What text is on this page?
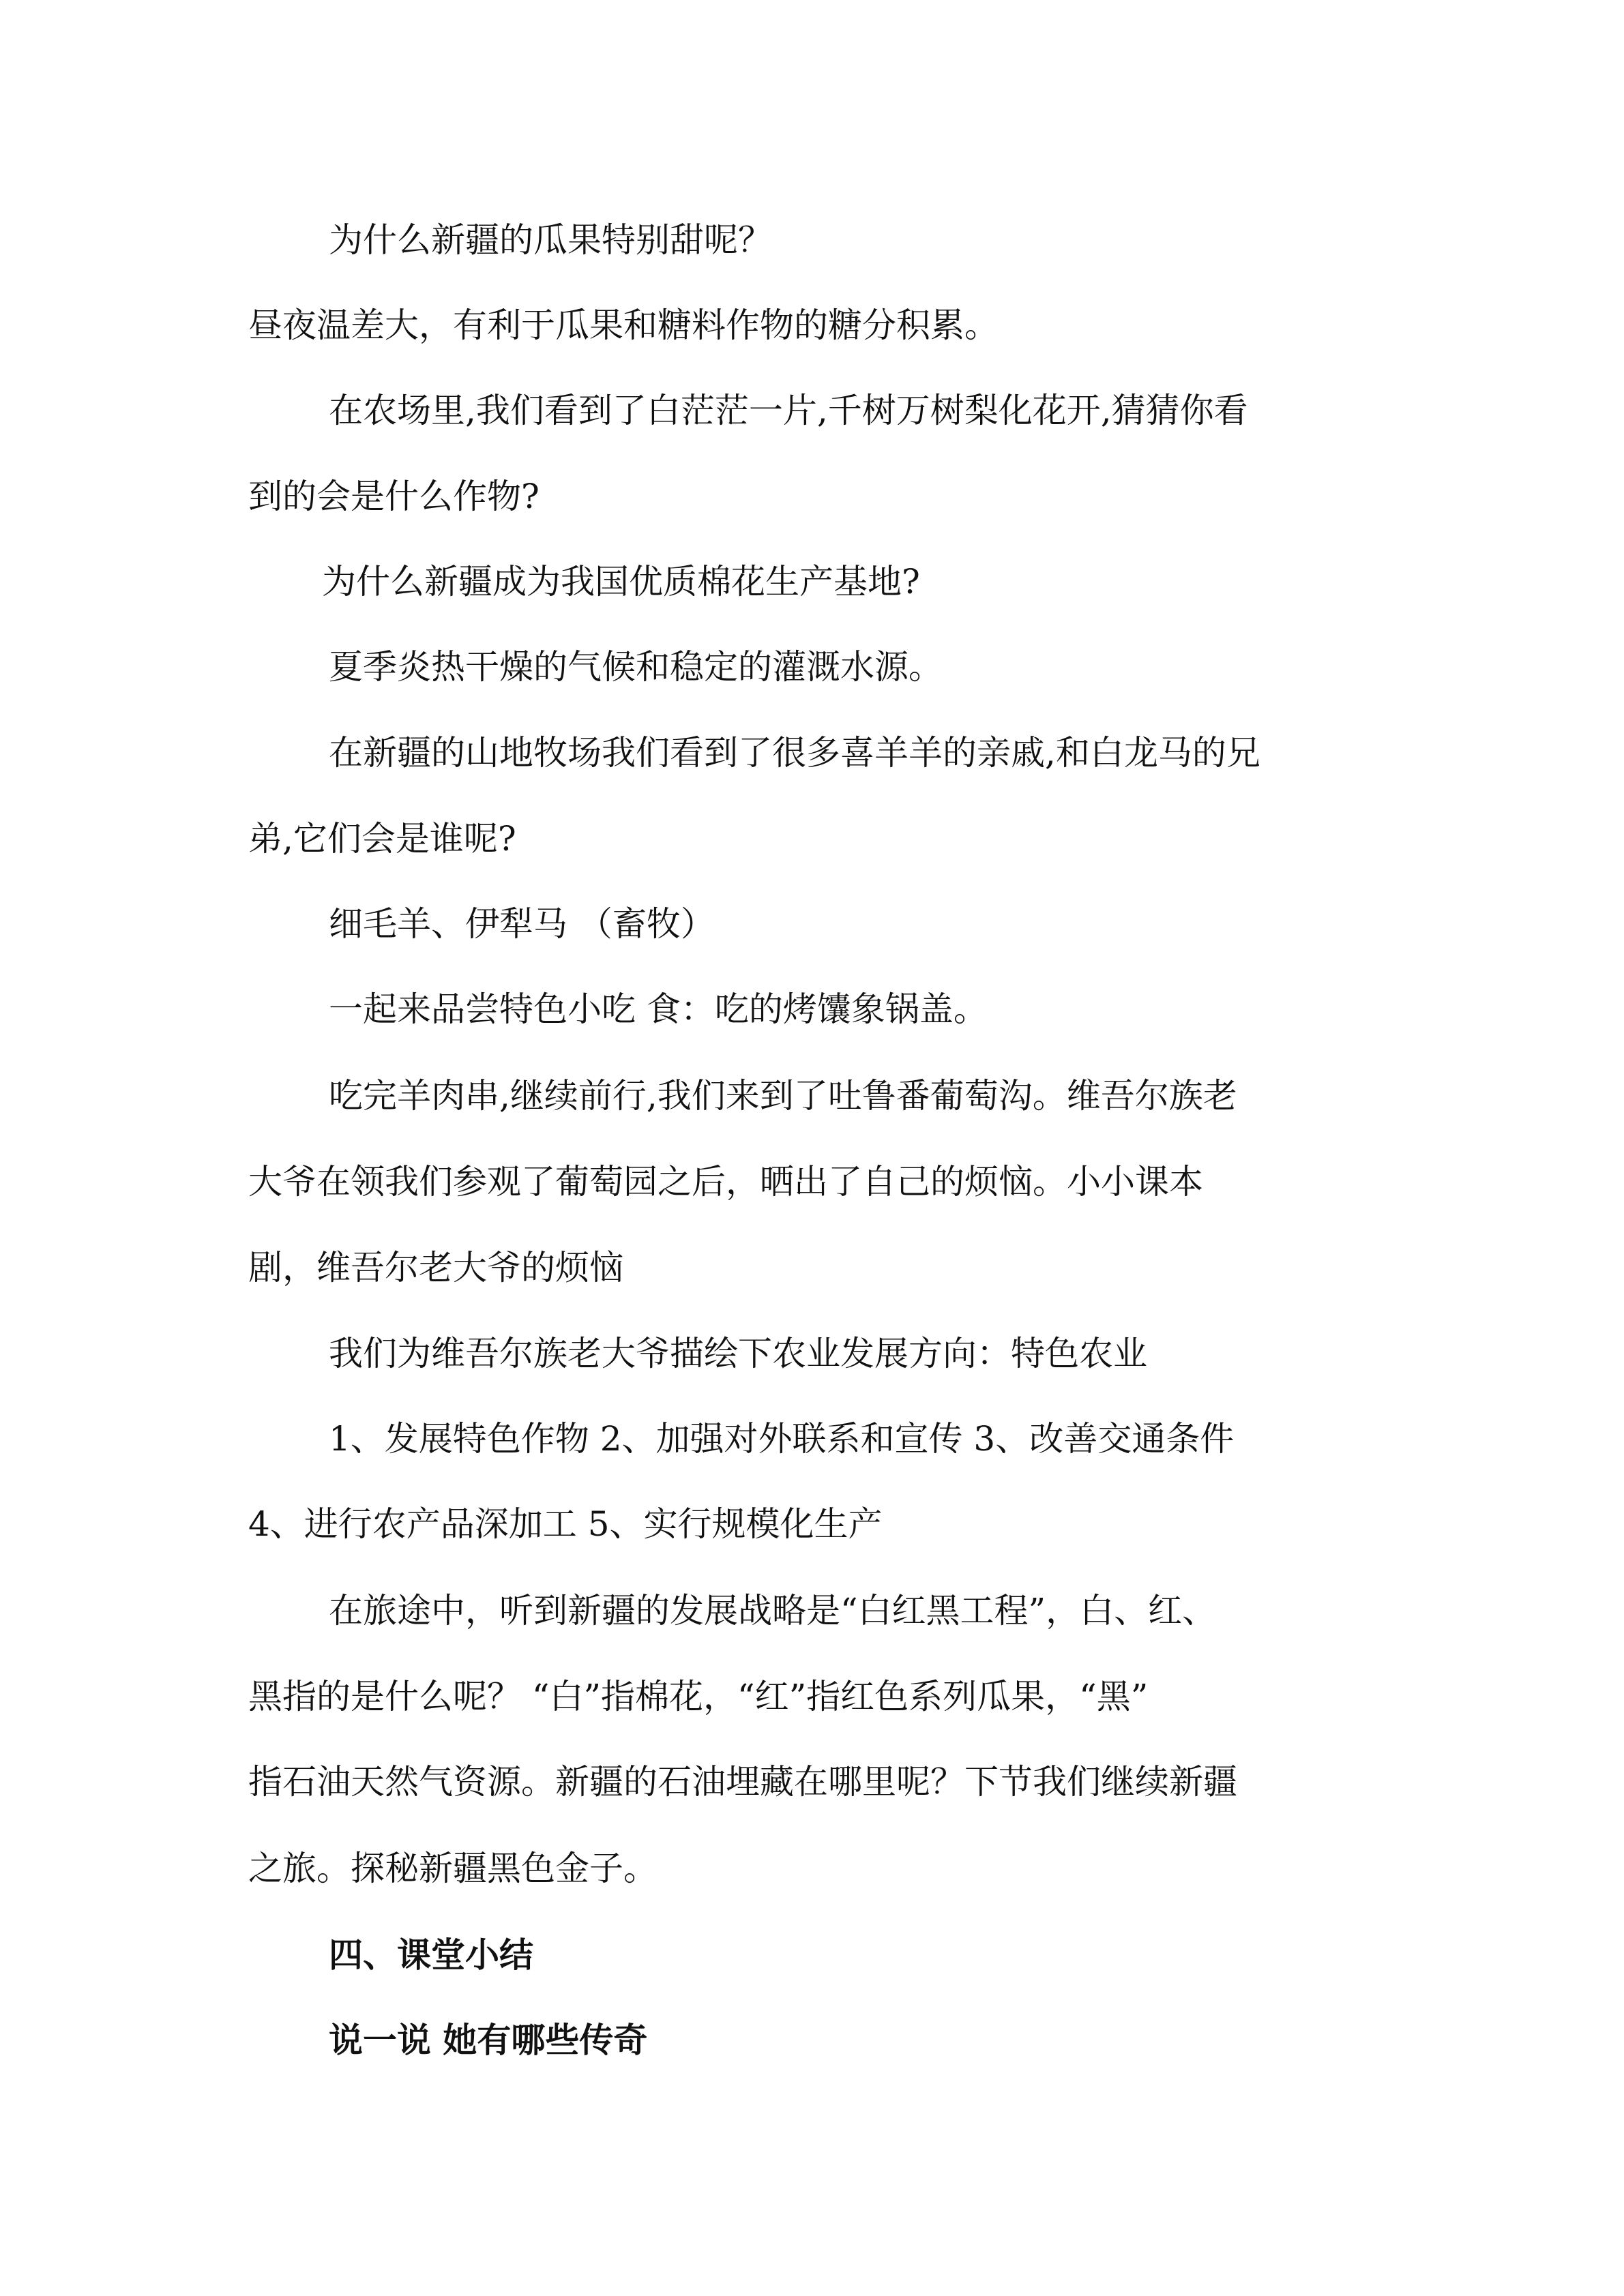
为什么新疆的瓜果特别甜呢？
昼夜温差大，有利于瓜果和糖料作物的糖分积累。
在农场里,我们看到了白茫茫一片,千树万树梨化花开,猜猜你看
到的会是什么作物?
为什么新疆成为我国优质棉花生产基地?
夏季炎热干燥的气候和稳定的灌溉水源。
在新疆的山地牧场我们看到了很多喜羊羊的亲戚,和白龙马的兄
弟,它们会是谁呢?
细毛羊、伊犁马 （畜牧）
一起来品尝特色小吃 食：吃的烤馕象锅盖。
吃完羊肉串,继续前行,我们来到了吐鲁番葡萄沟。维吾尔族老
大爷在领我们参观了葡萄园之后，晒出了自己的烦恼。小小课本
剧，维吾尔老大爷的烦恼
我们为维吾尔族老大爷描绘下农业发展方向：特色农业
1、发展特色作物 2、加强对外联系和宣传 3、改善交通条件
4、进行农产品深加工 5、实行规模化生产
在旅途中，听到新疆的发展战略是“白红黑工程”，白、红、
黑指的是什么呢？ “白”指棉花，“红”指红色系列瓜果，“黑”
指石油天然气资源。新疆的石油埋藏在哪里呢？下节我们继续新疆
之旅。探秘新疆黑色金子。
四、课堂小结
说一说 她有哪些传奇
